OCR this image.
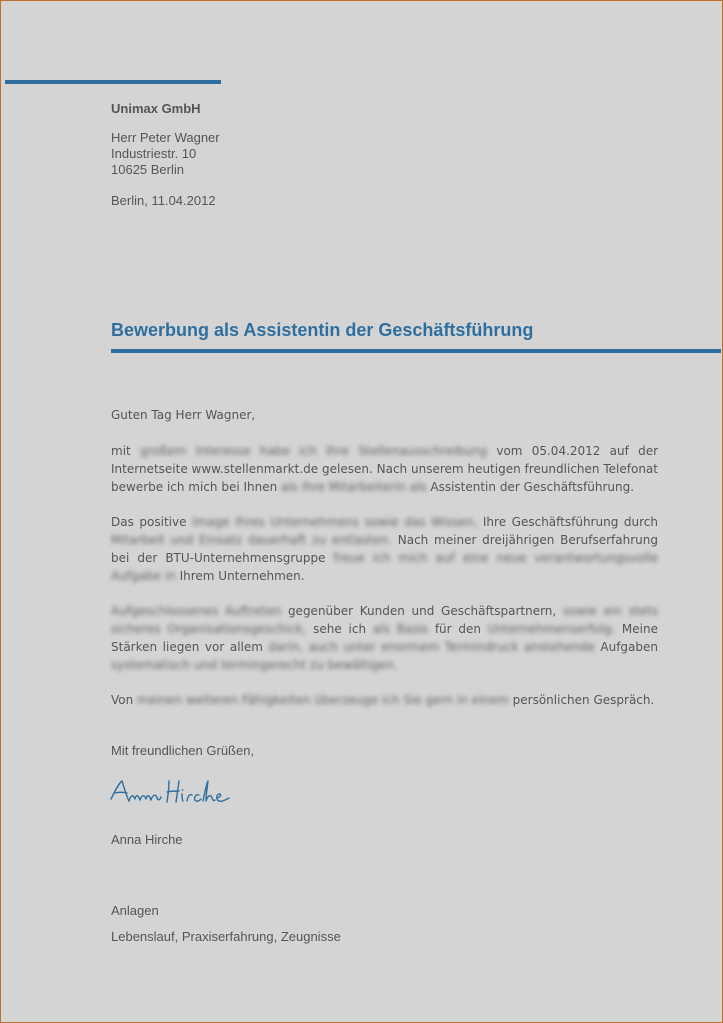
Unimax GmbH
Herr Peter Wagner
Industriestr. 10
10625 Berlin
Berlin, 11.04.2012
Bewerbung als Assistentin der Geschäftsführung

Guten Tag Herr Wagner,

mit großem Interesse habe ich Ihre Stellenausschreibung vom 05.04.2012 auf der Internetseite www.stellenmarkt.de gelesen. Nach unserem heutigen freundlichen Telefonat bewerbe ich mich bei Ihnen als Ihre Mitarbeiterin als Assistentin der Geschäftsführung.

Das positive Image Ihres Unternehmens sowie das Wissen, Ihre Geschäftsführung durch Mitarbeit und Einsatz dauerhaft zu entlasten. Nach meiner dreijährigen Berufserfahrung bei der BTU-Unternehmensgruppe freue ich mich auf eine neue verantwortungsvolle Aufgabe in Ihrem Unternehmen.

Aufgeschlossenes Auftreten gegenüber Kunden und Geschäftspartnern, sowie ein stets sicheres Organisationsgeschick, sehe ich als Basis für den Unternehmenserfolg. Meine Stärken liegen vor allem darin, auch unter enormem Termindruck anstehende Aufgaben systematisch und termingerecht zu bewältigen.

Von meinen weiteren Fähigkeiten überzeuge ich Sie gern in einem persönlichen Gespräch.

Mit freundlichen Grüßen,
Anna Hirche
Anlagen
Lebenslauf, Praxiserfahrung, Zeugnisse
